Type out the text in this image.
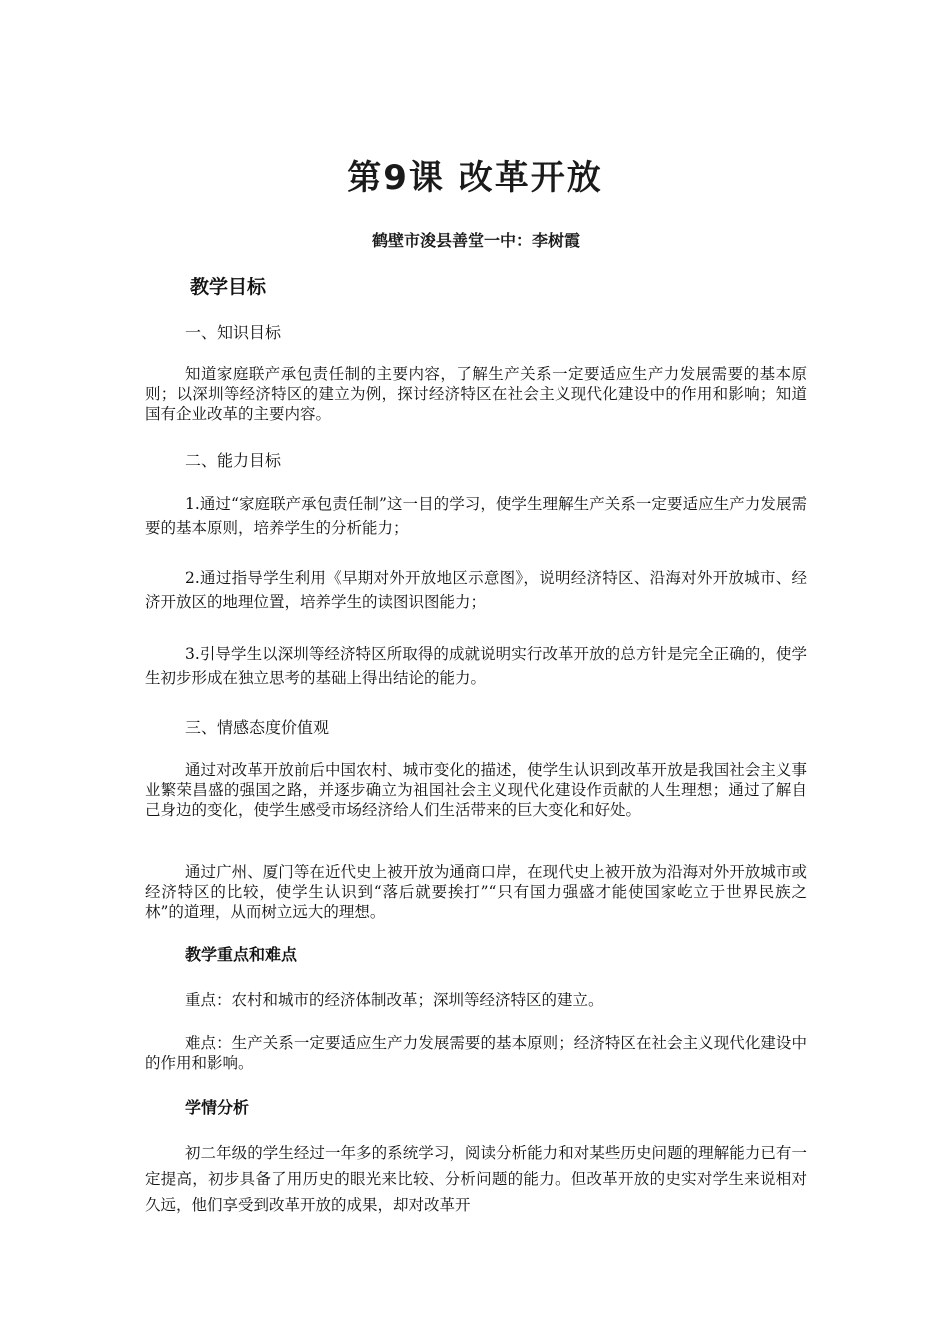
第9课 改革开放
鹤壁市浚县善堂一中：李树霞
教学目标
一、知识目标

知道家庭联产承包责任制的主要内容，了解生产关系一定要适应生产力发展需要的基本原则；以深圳等经济特区的建立为例，探讨经济特区在社会主义现代化建设中的作用和影响；知道国有企业改革的主要内容。

二、能力目标

1.通过“家庭联产承包责任制”这一目的学习，使学生理解生产关系一定要适应生产力发展需要的基本原则，培养学生的分析能力；

2.通过指导学生利用《早期对外开放地区示意图》，说明经济特区、沿海对外开放城市、经济开放区的地理位置，培养学生的读图识图能力；

3.引导学生以深圳等经济特区所取得的成就说明实行改革开放的总方针是完全正确的，使学生初步形成在独立思考的基础上得出结论的能力。

三、情感态度价值观

通过对改革开放前后中国农村、城市变化的描述，使学生认识到改革开放是我国社会主义事业繁荣昌盛的强国之路，并逐步确立为祖国社会主义现代化建设作贡献的人生理想；通过了解自己身边的变化，使学生感受市场经济给人们生活带来的巨大变化和好处。

通过广州、厦门等在近代史上被开放为通商口岸，在现代史上被开放为沿海对外开放城市或经济特区的比较，使学生认识到“落后就要挨打”“只有国力强盛才能使国家屹立于世界民族之林”的道理，从而树立远大的理想。

教学重点和难点

重点：农村和城市的经济体制改革；深圳等经济特区的建立。

难点：生产关系一定要适应生产力发展需要的基本原则；经济特区在社会主义现代化建设中的作用和影响。

学情分析

初二年级的学生经过一年多的系统学习，阅读分析能力和对某些历史问题的理解能力已有一定提高，初步具备了用历史的眼光来比较、分析问题的能力。但改革开放的史实对学生来说相对久远，他们享受到改革开放的成果，却对改革开
